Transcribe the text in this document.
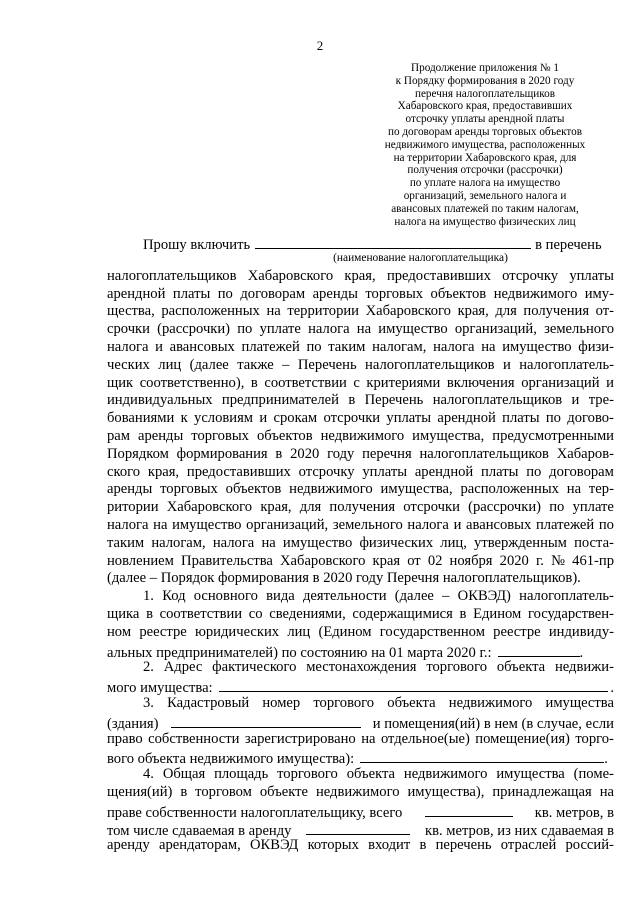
2
Продолжение приложения № 1
к Порядку формирования в 2020 году
перечня налогоплательщиков
Хабаровского края, предоставивших
отсрочку уплаты арендной платы
по договорам аренды торговых объектов
недвижимого имущества, расположенных
на территории Хабаровского края, для
получения отсрочки (рассрочки)
по уплате налога на имущество
организаций, земельного налога и
авансовых платежей по таким налогам,
налога на имущество физических лиц
Прошу включить	в перечень
(наименование налогоплательщика)
налогоплательщиков Хабаровского края, предоставивших отсрочку уплаты
арендной платы по договорам аренды торговых объектов недвижимого иму-
щества, расположенных на территории Хабаровского края, для получения от-
срочки (рассрочки) по уплате налога на имущество организаций, земельного
налога и авансовых платежей по таким налогам, налога на имущество физи-
ческих лиц (далее также – Перечень налогоплательщиков и налогоплатель-
щик соответственно), в соответствии с критериями включения организаций и
индивидуальных предпринимателей в Перечень налогоплательщиков и тре-
бованиями к условиям и срокам отсрочки уплаты арендной платы по догово-
рам аренды торговых объектов недвижимого имущества, предусмотренными
Порядком формирования в 2020 году перечня налогоплательщиков Хабаров-
ского края, предоставивших отсрочку уплаты арендной платы по договорам
аренды торговых объектов недвижимого имущества, расположенных на тер-
ритории Хабаровского края, для получения отсрочки (рассрочки) по уплате
налога на имущество организаций, земельного налога и авансовых платежей по
таким налогам, налога на имущество физических лиц, утвержденным поста-
новлением Правительства Хабаровского края от 02 ноября 2020 г. № 461-пр
(далее – Порядок формирования в 2020 году Перечня налогоплательщиков).
1. Код основного вида деятельности (далее – ОКВЭД) налогоплатель-
щика в соответствии со сведениями, содержащимися в Едином государствен-
ном реестре юридических лиц (Едином государственном реестре индивиду-
альных предпринимателей) по состоянию на 01 марта 2020 г.:	.
2. Адрес фактического местонахождения торгового объекта недвижи-
мого имущества:	.
3. Кадастровый номер торгового объекта недвижимого имущества
(здания)	и помещения(ий) в нем (в случае, если
право собственности зарегистрировано на отдельное(ые) помещение(ия) торго-
вого объекта недвижимого имущества):	.
4. Общая площадь торгового объекта недвижимого имущества (поме-
щения(ий) в торговом объекте недвижимого имущества), принадлежащая на
праве собственности налогоплательщику, всего	кв. метров, в
том числе сдаваемая в аренду	кв. метров, из них сдаваемая в
аренду арендаторам, ОКВЭД которых входит в перечень отраслей россий-
